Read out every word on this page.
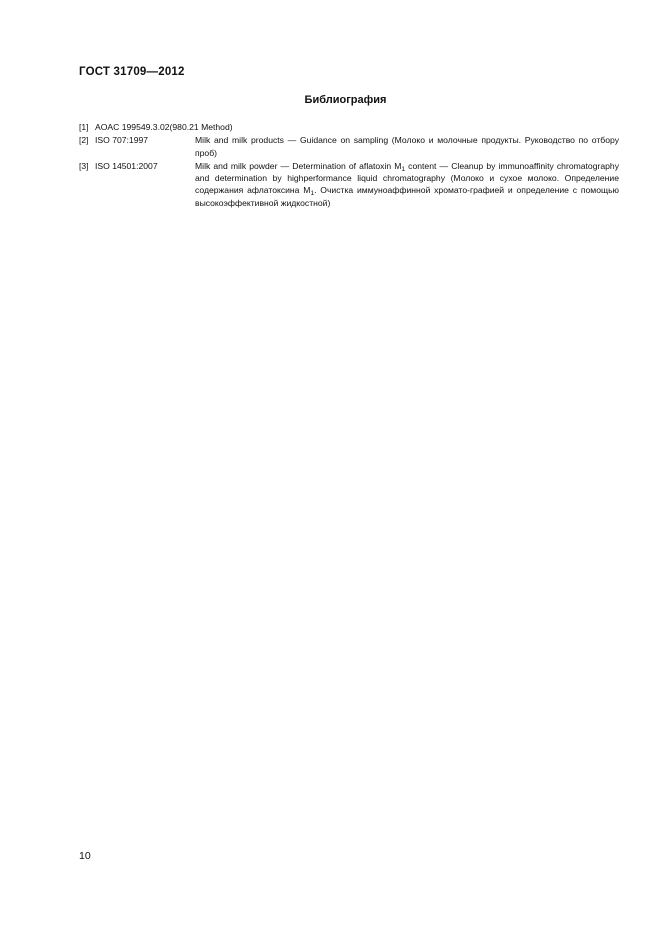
ГОСТ 31709—2012
Библиография
[1] AOAC 199549.3.02(980.21 Method)
[2] ISO 707:1997	Milk and milk products — Guidance on sampling (Молоко и молочные продукты. Руководство по отбору проб)
[3] ISO 14501:2007	Milk and milk powder — Determination of aflatoxin $M_1$ content — Cleanup by immunoaffinity chromatography and determination by highperformance liquid chromatography (Молоко и сухое молоко. Определение содержания афлатоксина $M_1$. Очистка иммуноаффинной хромато-графией и определение с помощью высокоэффективной жидкостной)
10
